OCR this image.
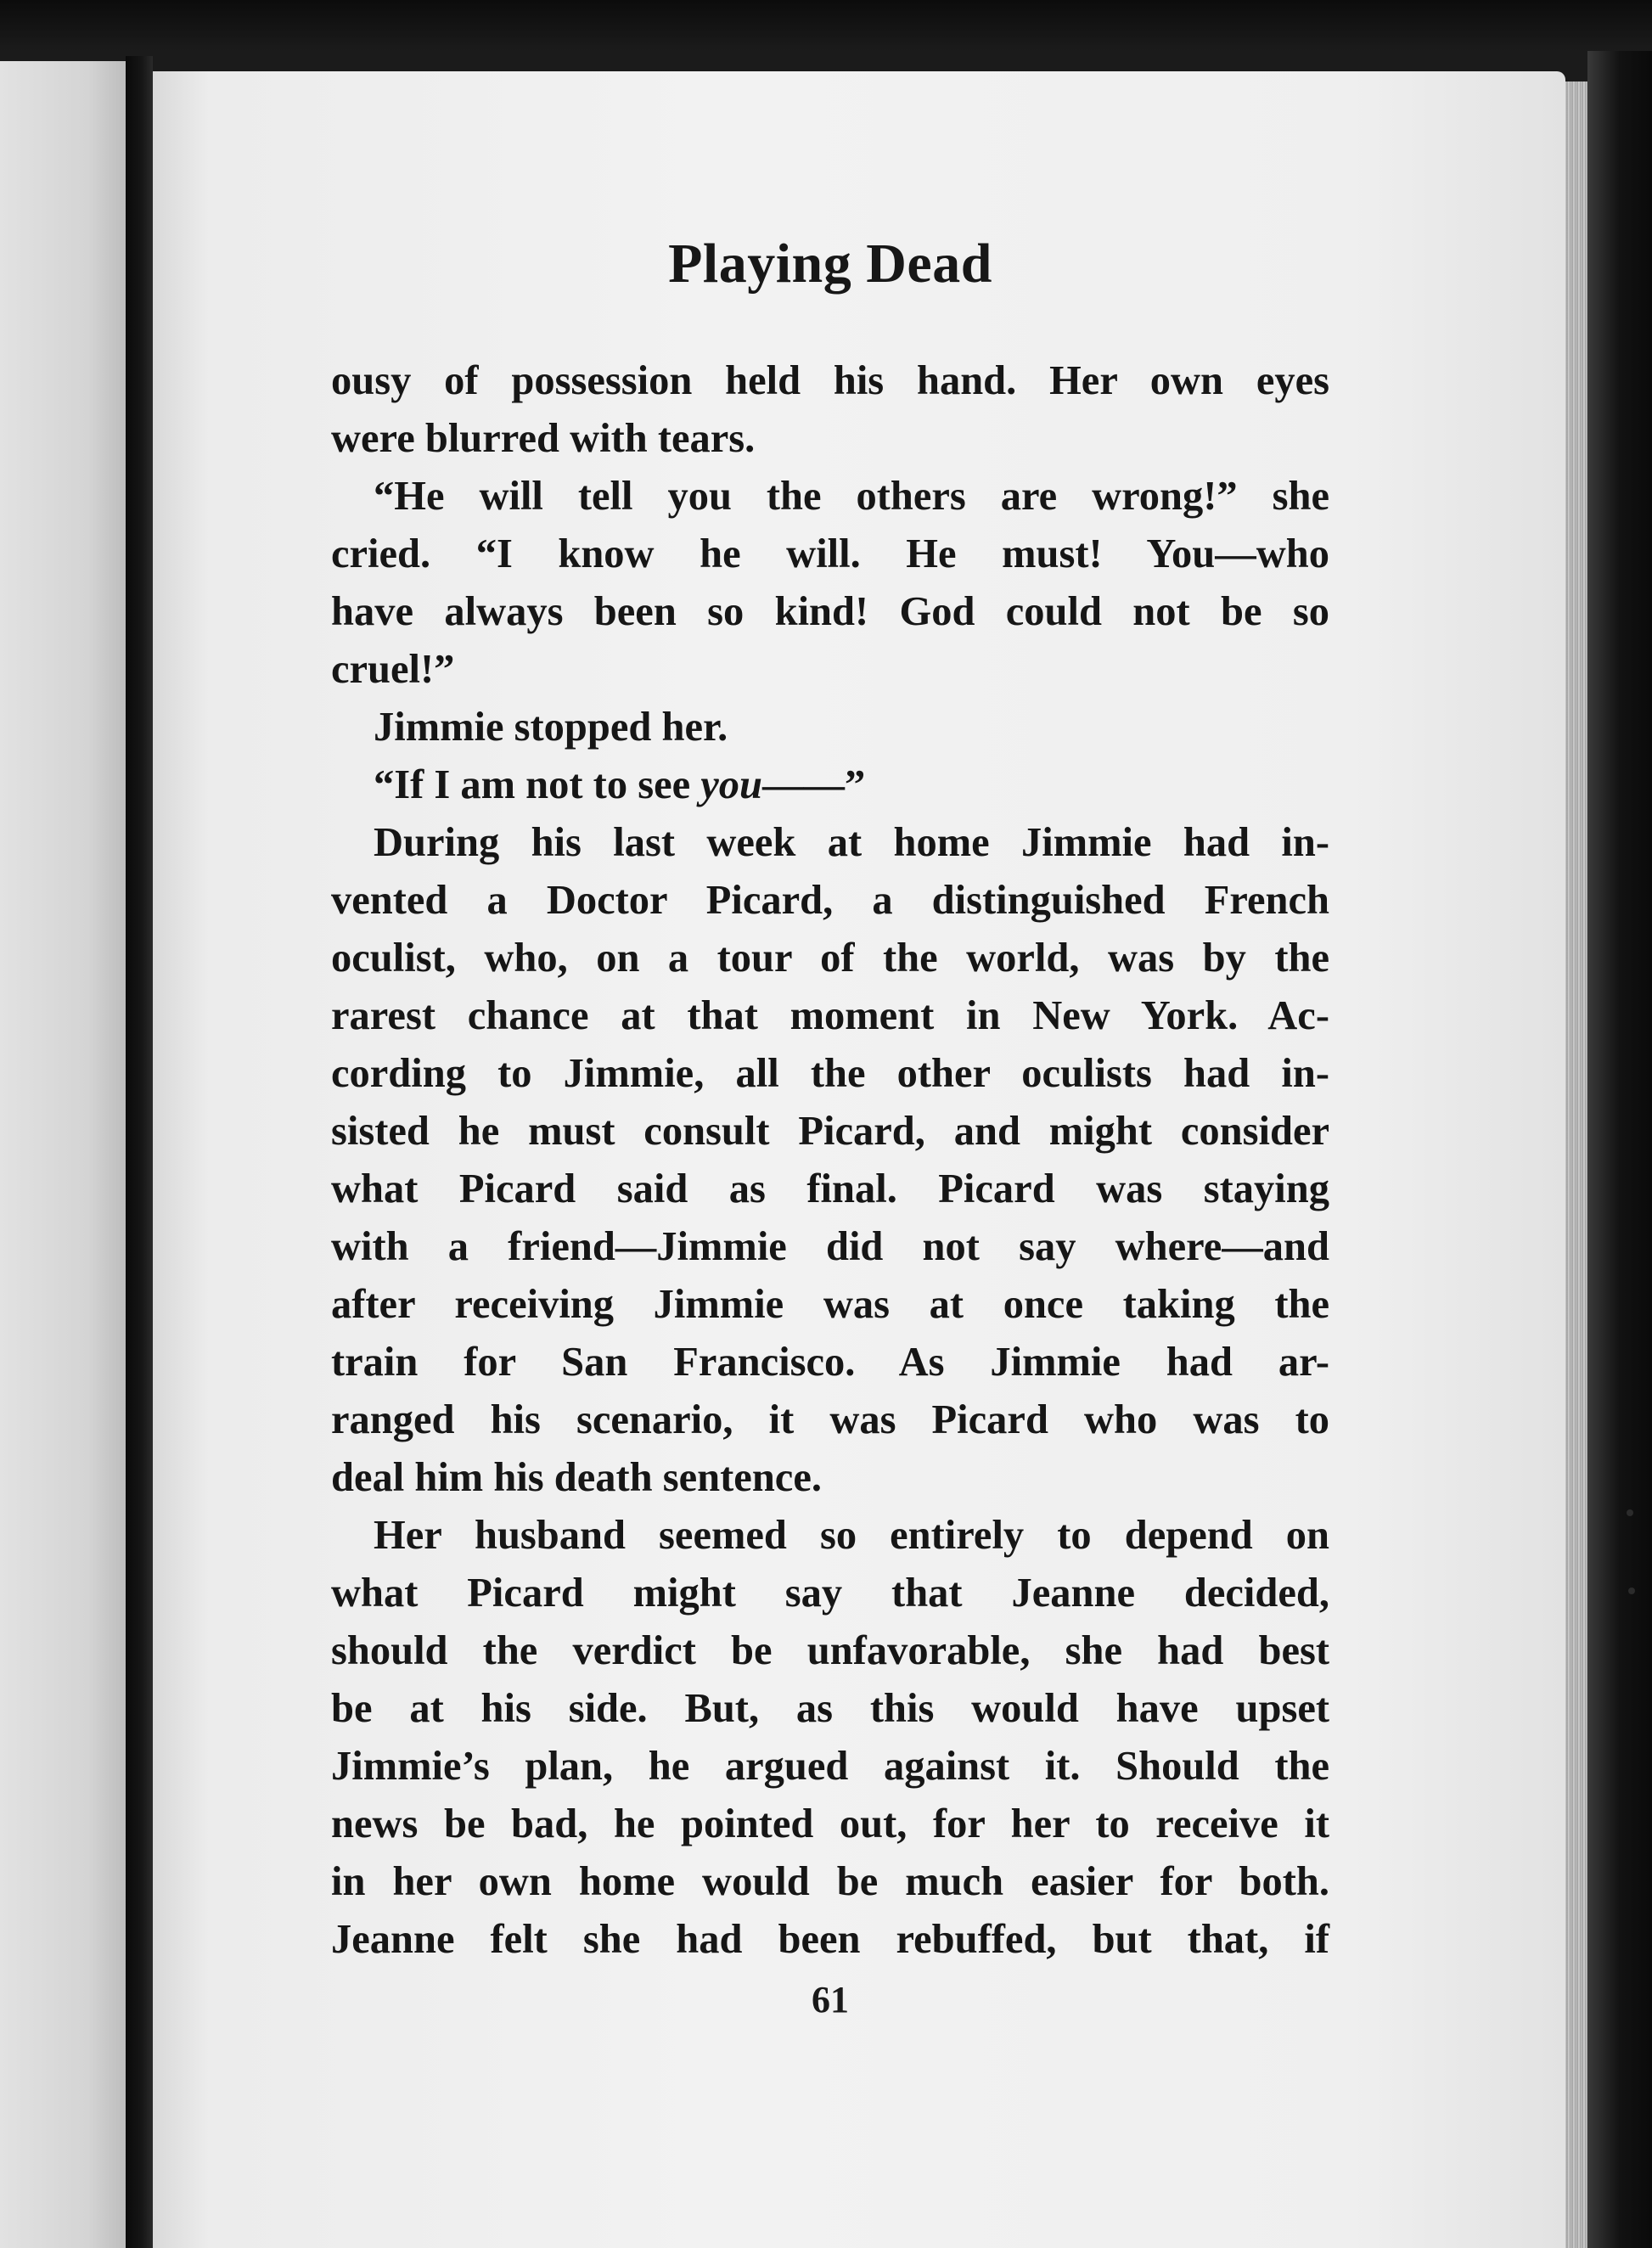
Playing Dead
ousy of possession held his hand. Her own eyes
were blurred with tears.
“He will tell you the others are wrong!” she
cried. “I know he will. He must! You—who
have always been so kind! God could not be so
cruel!”
Jimmie stopped her.
“If I am not to see you——”
During his last week at home Jimmie had in-
vented a Doctor Picard, a distinguished French
oculist, who, on a tour of the world, was by the
rarest chance at that moment in New York. Ac-
cording to Jimmie, all the other oculists had in-
sisted he must consult Picard, and might consider
what Picard said as final. Picard was staying
with a friend—Jimmie did not say where—and
after receiving Jimmie was at once taking the
train for San Francisco. As Jimmie had ar-
ranged his scenario, it was Picard who was to
deal him his death sentence.
Her husband seemed so entirely to depend on
what Picard might say that Jeanne decided,
should the verdict be unfavorable, she had best
be at his side. But, as this would have upset
Jimmie’s plan, he argued against it. Should the
news be bad, he pointed out, for her to receive it
in her own home would be much easier for both.
Jeanne felt she had been rebuffed, but that, if
61
